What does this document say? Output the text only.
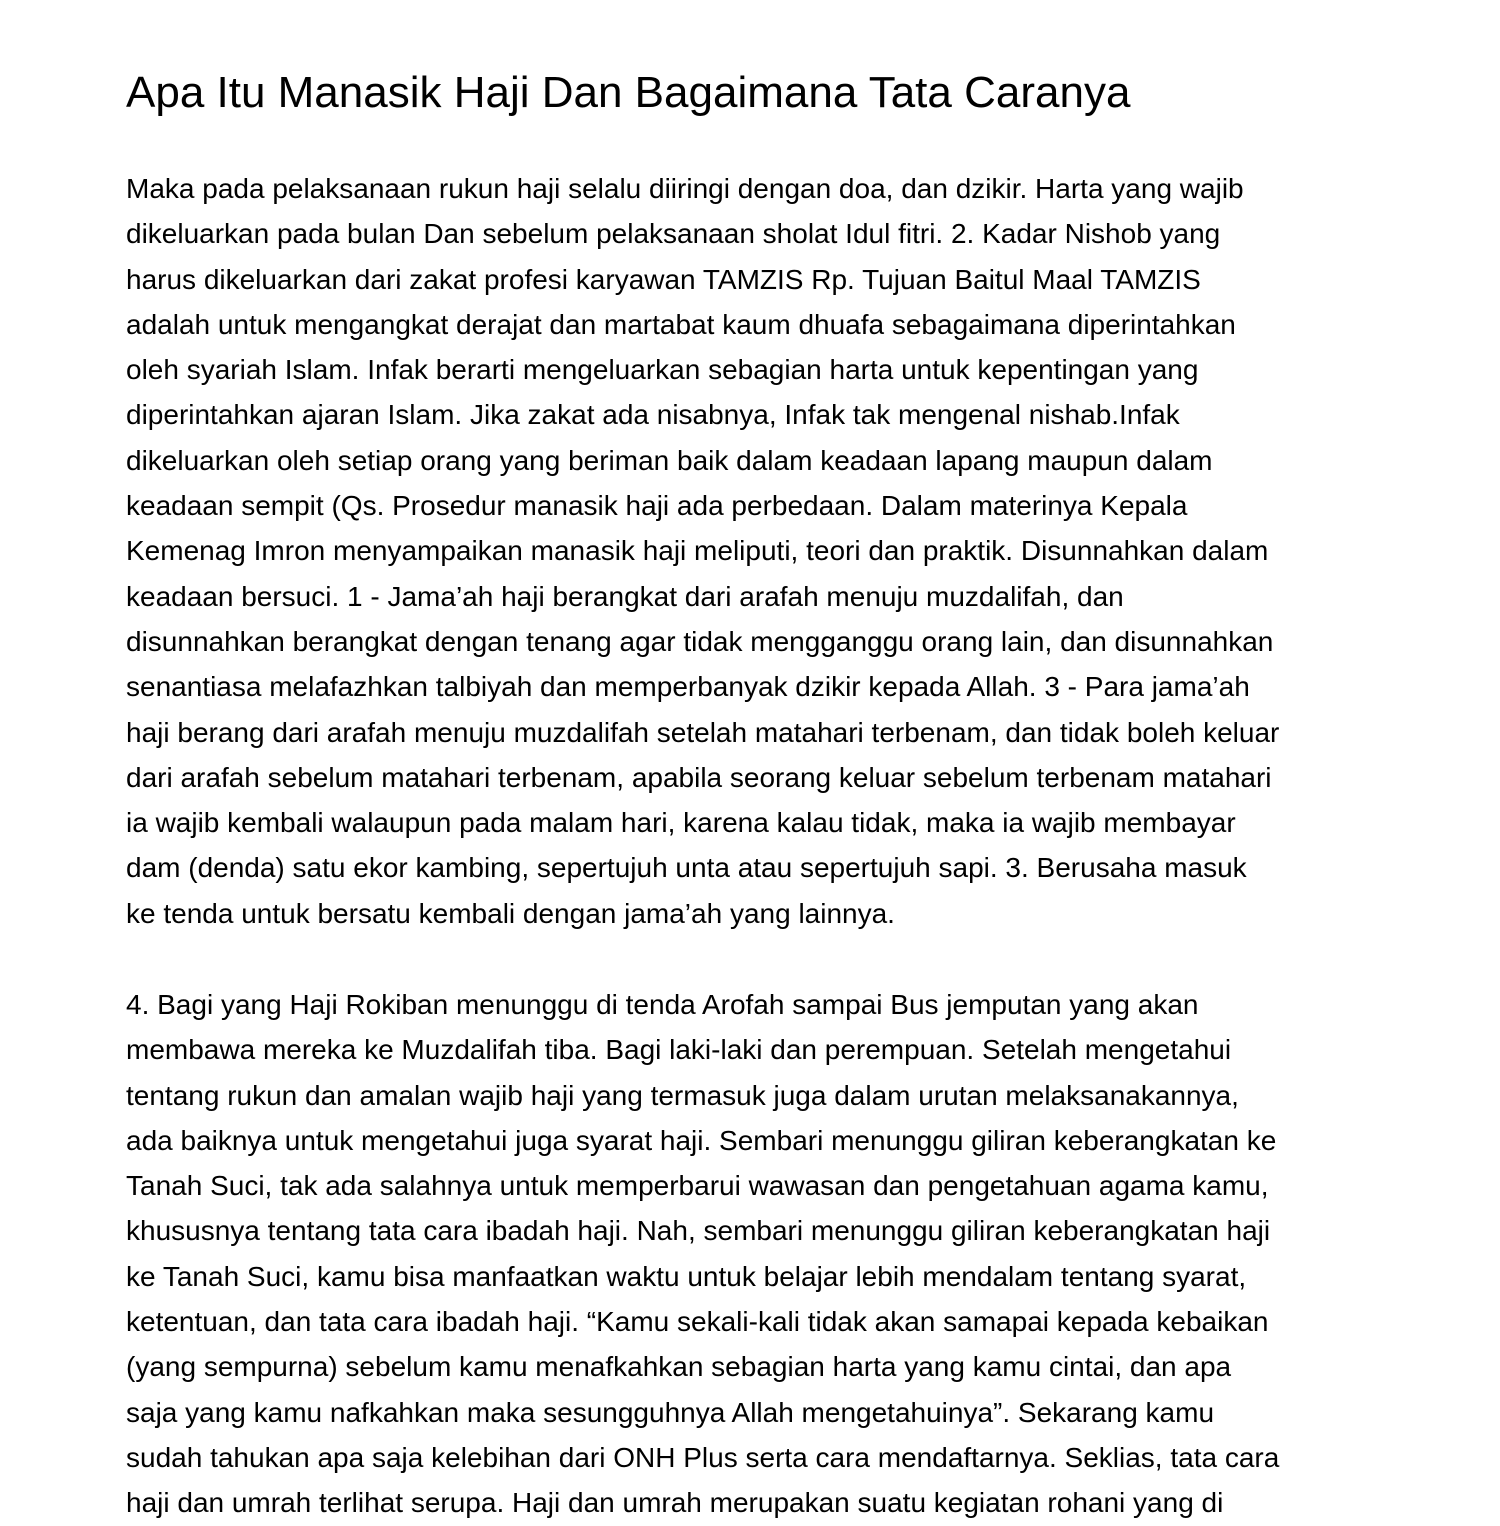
Apa Itu Manasik Haji Dan Bagaimana Tata Caranya
Maka pada pelaksanaan rukun haji selalu diiringi dengan doa, dan dzikir. Harta yang wajib
dikeluarkan pada bulan Dan sebelum pelaksanaan sholat Idul fitri. 2. Kadar Nishob yang
harus dikeluarkan dari zakat profesi karyawan TAMZIS Rp. Tujuan Baitul Maal TAMZIS
adalah untuk mengangkat derajat dan martabat kaum dhuafa sebagaimana diperintahkan
oleh syariah Islam. Infak berarti mengeluarkan sebagian harta untuk kepentingan yang
diperintahkan ajaran Islam. Jika zakat ada nisabnya, Infak tak mengenal nishab.Infak
dikeluarkan oleh setiap orang yang beriman baik dalam keadaan lapang maupun dalam
keadaan sempit (Qs. Prosedur manasik haji ada perbedaan. Dalam materinya Kepala
Kemenag Imron menyampaikan manasik haji meliputi, teori dan praktik. Disunnahkan dalam
keadaan bersuci. 1 - Jama’ah haji berangkat dari arafah menuju muzdalifah, dan
disunnahkan berangkat dengan tenang agar tidak mengganggu orang lain, dan disunnahkan
senantiasa melafazhkan talbiyah dan memperbanyak dzikir kepada Allah. 3 - Para jama’ah
haji berang dari arafah menuju muzdalifah setelah matahari terbenam, dan tidak boleh keluar
dari arafah sebelum matahari terbenam, apabila seorang keluar sebelum terbenam matahari
ia wajib kembali walaupun pada malam hari, karena kalau tidak, maka ia wajib membayar
dam (denda) satu ekor kambing, sepertujuh unta atau sepertujuh sapi. 3. Berusaha masuk
ke tenda untuk bersatu kembali dengan jama’ah yang lainnya.
4. Bagi yang Haji Rokiban menunggu di tenda Arofah sampai Bus jemputan yang akan
membawa mereka ke Muzdalifah tiba. Bagi laki-laki dan perempuan. Setelah mengetahui
tentang rukun dan amalan wajib haji yang termasuk juga dalam urutan melaksanakannya,
ada baiknya untuk mengetahui juga syarat haji. Sembari menunggu giliran keberangkatan ke
Tanah Suci, tak ada salahnya untuk memperbarui wawasan dan pengetahuan agama kamu,
khususnya tentang tata cara ibadah haji. Nah, sembari menunggu giliran keberangkatan haji
ke Tanah Suci, kamu bisa manfaatkan waktu untuk belajar lebih mendalam tentang syarat,
ketentuan, dan tata cara ibadah haji. “Kamu sekali-kali tidak akan samapai kepada kebaikan
(yang sempurna) sebelum kamu menafkahkan sebagian harta yang kamu cintai, dan apa
saja yang kamu nafkahkan maka sesungguhnya Allah mengetahuinya”. Sekarang kamu
sudah tahukan apa saja kelebihan dari ONH Plus serta cara mendaftarnya. Seklias, tata cara
haji dan umrah terlihat serupa. Haji dan umrah merupakan suatu kegiatan rohani yang di
